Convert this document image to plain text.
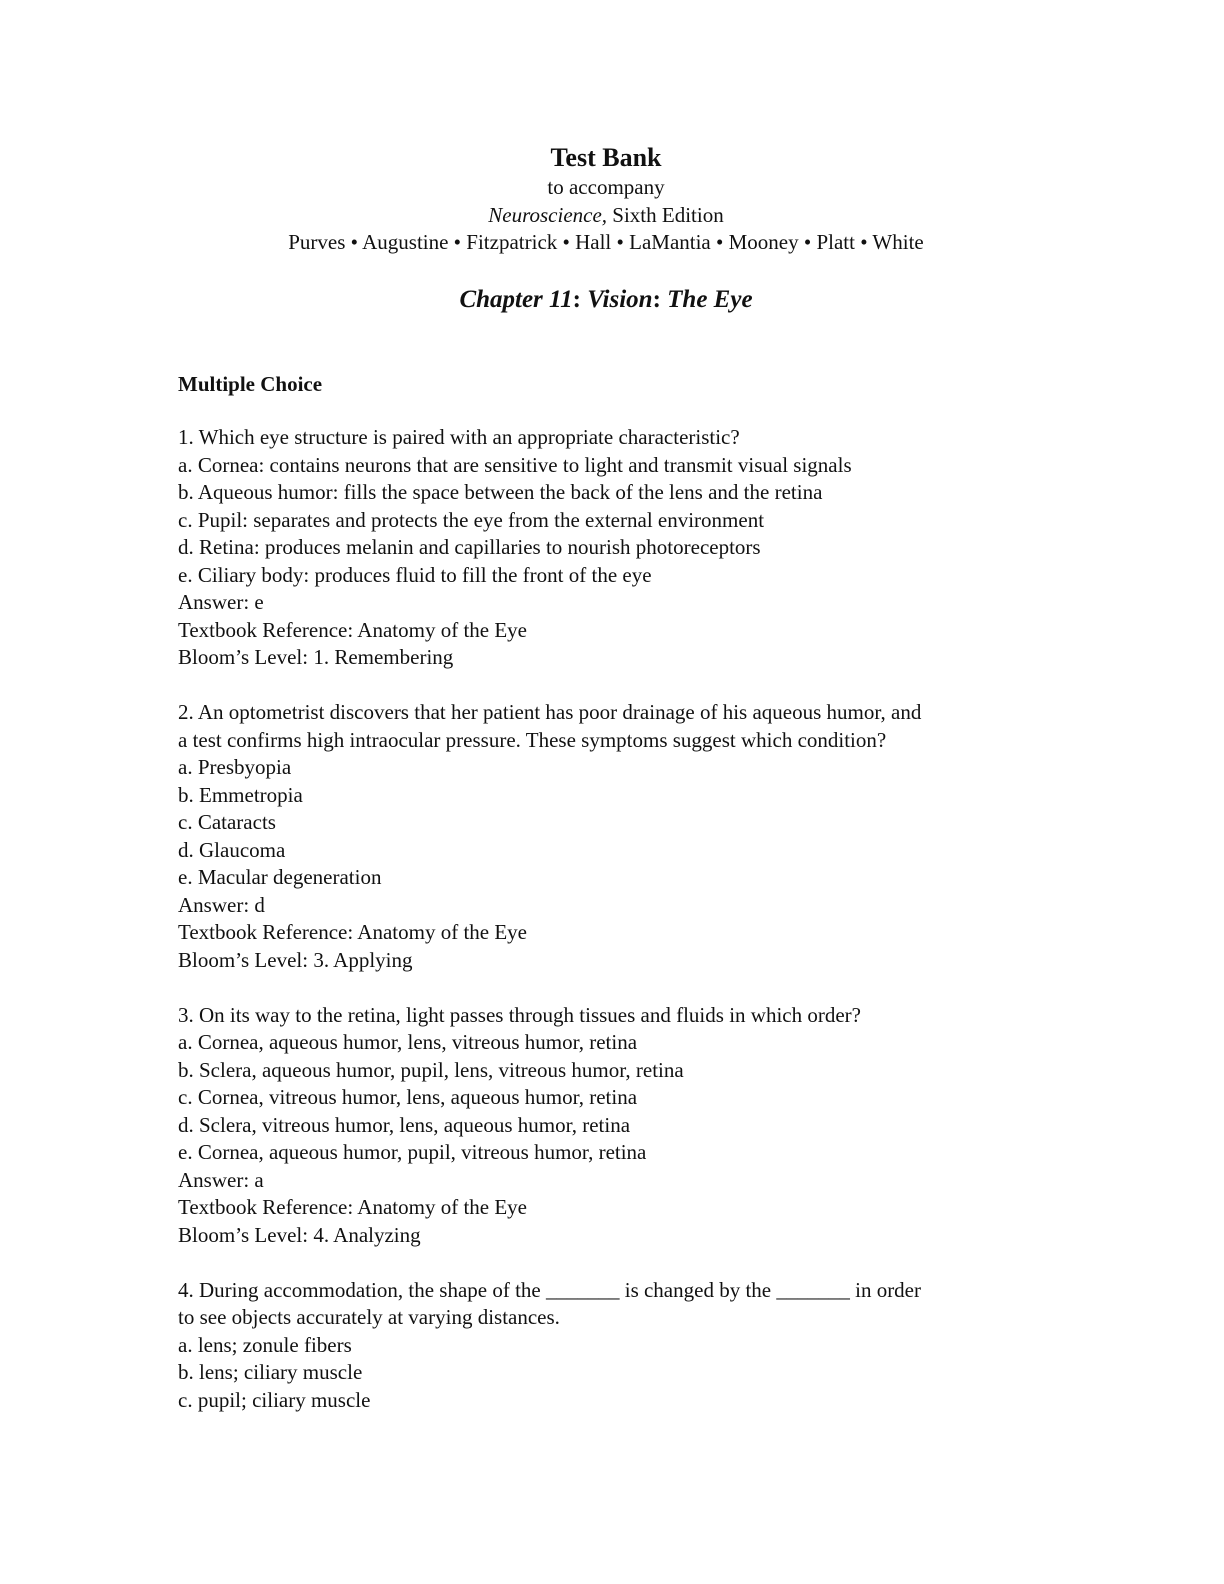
Test Bank

to accompany

Neuroscience, Sixth Edition

Purves • Augustine • Fitzpatrick • Hall • LaMantia • Mooney • Platt • White

Chapter 11: Vision: The Eye

Multiple Choice

1. Which eye structure is paired with an appropriate characteristic?
a. Cornea: contains neurons that are sensitive to light and transmit visual signals
b. Aqueous humor: fills the space between the back of the lens and the retina
c. Pupil: separates and protects the eye from the external environment
d. Retina: produces melanin and capillaries to nourish photoreceptors
e. Ciliary body: produces fluid to fill the front of the eye
Answer: e
Textbook Reference: Anatomy of the Eye
Bloom’s Level: 1. Remembering
2. An optometrist discovers that her patient has poor drainage of his aqueous humor, and
a test confirms high intraocular pressure. These symptoms suggest which condition?
a. Presbyopia
b. Emmetropia
c. Cataracts
d. Glaucoma
e. Macular degeneration
Answer: d
Textbook Reference: Anatomy of the Eye
Bloom’s Level: 3. Applying
3. On its way to the retina, light passes through tissues and fluids in which order?
a. Cornea, aqueous humor, lens, vitreous humor, retina
b. Sclera, aqueous humor, pupil, lens, vitreous humor, retina
c. Cornea, vitreous humor, lens, aqueous humor, retina
d. Sclera, vitreous humor, lens, aqueous humor, retina
e. Cornea, aqueous humor, pupil, vitreous humor, retina
Answer: a
Textbook Reference: Anatomy of the Eye
Bloom’s Level: 4. Analyzing
4. During accommodation, the shape of the _______ is changed by the _______ in order
to see objects accurately at varying distances.
a. lens; zonule fibers
b. lens; ciliary muscle
c. pupil; ciliary muscle
